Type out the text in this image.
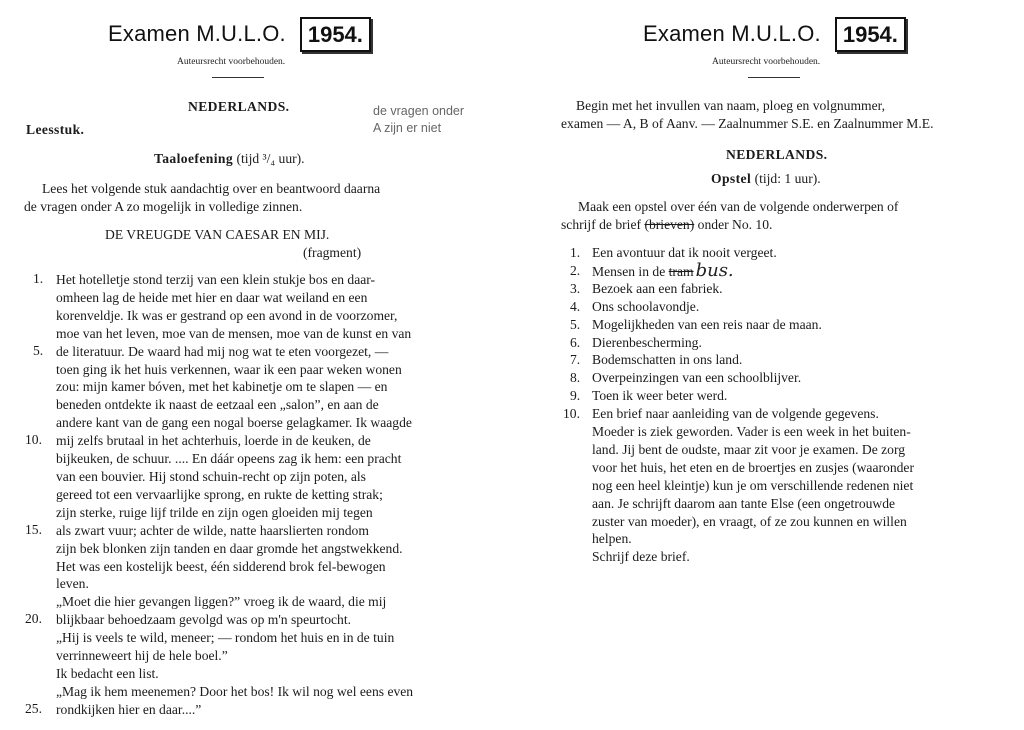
Examen M.U.L.O.	1954.
Auteursrecht voorbehouden.
NEDERLANDS.
Leesstuk.
de vragen onder
A zijn er niet
Taaloefening (tijd ³/₄ uur).
Lees het volgende stuk aandachtig over en beantwoord daarna
de vragen onder A zo mogelijk in volledige zinnen.
DE VREUGDE VAN CAESAR EN MIJ.
(fragment)
1.
5.
10.
15.
20.
25.
Het hotelletje stond terzij van een klein stukje bos en daar-
omheen lag de heide met hier en daar wat weiland en een
korenveldje. Ik was er gestrand op een avond in de voorzomer,
moe van het leven, moe van de mensen, moe van de kunst en van
de literatuur. De waard had mij nog wat te eten voorgezet, —
toen ging ik het huis verkennen, waar ik een paar weken wonen
zou: mijn kamer bóven, met het kabinetje om te slapen — en
beneden ontdekte ik naast de eetzaal een „salon”, en aan de
andere kant van de gang een nogal boerse gelagkamer. Ik waagde
mij zelfs brutaal in het achterhuis, loerde in de keuken, de
bijkeuken, de schuur. .... En dáár opeens zag ik hem: een pracht
van een bouvier. Hij stond schuin-recht op zijn poten, als
gereed tot een vervaarlijke sprong, en rukte de ketting strak;
zijn sterke, ruige lijf trilde en zijn ogen gloeiden mij tegen
als zwart vuur; achter de wilde, natte haarslierten rondom
zijn bek blonken zijn tanden en daar gromde het angstwekkend.
Het was een kostelijk beest, één sidderend brok fel-bewogen
leven.
„Moet die hier gevangen liggen?” vroeg ik de waard, die mij
blijkbaar behoedzaam gevolgd was op m'n speurtocht.
„Hij is veels te wild, meneer; — rondom het huis en in de tuin
verrinneweert hij de hele boel.”
Ik bedacht een list.
„Mag ik hem meenemen? Door het bos! Ik wil nog wel eens even
rondkijken hier en daar....”
Examen M.U.L.O.	1954.
Auteursrecht voorbehouden.
Begin met het invullen van naam, ploeg en volgnummer,
examen — A, B of Aanv. — Zaalnummer S.E. en Zaalnummer M.E.
NEDERLANDS.
Opstel (tijd: 1 uur).
Maak een opstel over één van de volgende onderwerpen of
schrijf de brief (brieven) onder No. 10.
1. Een avontuur dat ik nooit vergeet.
2. Mensen in de tram bus.
3. Bezoek aan een fabriek.
4. Ons schoolavondje.
5. Mogelijkheden van een reis naar de maan.
6. Dierenbescherming.
7. Bodemschatten in ons land.
8. Overpeinzingen van een schoolblijver.
9. Toen ik weer beter werd.
10. Een brief naar aanleiding van de volgende gegevens.
Moeder is ziek geworden. Vader is een week in het buiten-
land. Jij bent de oudste, maar zit voor je examen. De zorg
voor het huis, het eten en de broertjes en zusjes (waaronder
nog een heel kleintje) kun je om verschillende redenen niet
aan. Je schrijft daarom aan tante Else (een ongetrouwde
zuster van moeder), en vraagt, of ze zou kunnen en willen
helpen.
Schrijf deze brief.
